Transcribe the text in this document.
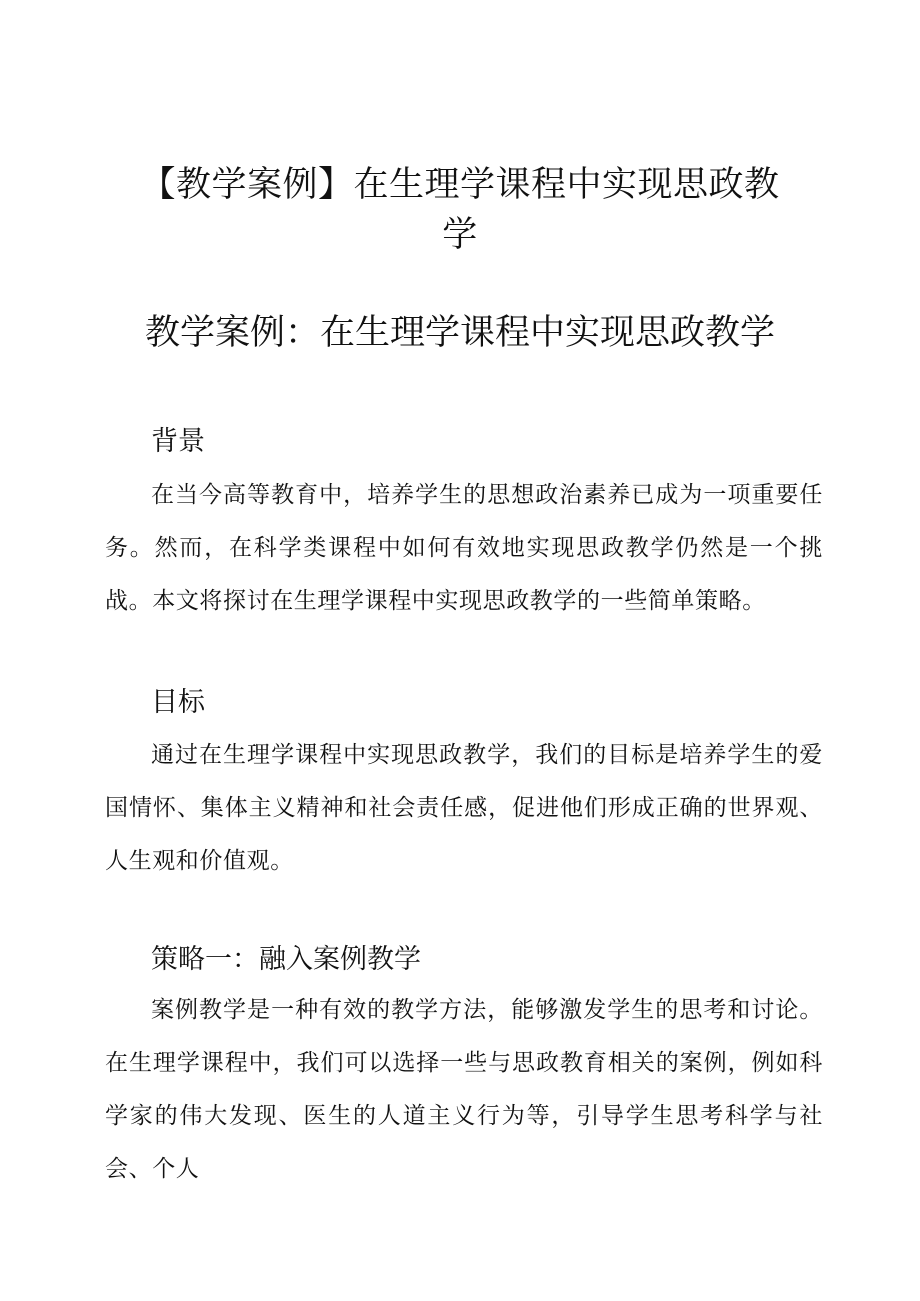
【教学案例】在生理学课程中实现思政教学
教学案例：在生理学课程中实现思政教学
背景
在当今高等教育中，培养学生的思想政治素养已成为一项重要任务。然而，在科学类课程中如何有效地实现思政教学仍然是一个挑战。本文将探讨在生理学课程中实现思政教学的一些简单策略。
目标
通过在生理学课程中实现思政教学，我们的目标是培养学生的爱国情怀、集体主义精神和社会责任感，促进他们形成正确的世界观、人生观和价值观。
策略一：融入案例教学
案例教学是一种有效的教学方法，能够激发学生的思考和讨论。在生理学课程中，我们可以选择一些与思政教育相关的案例，例如科学家的伟大发现、医生的人道主义行为等，引导学生思考科学与社会、个人
